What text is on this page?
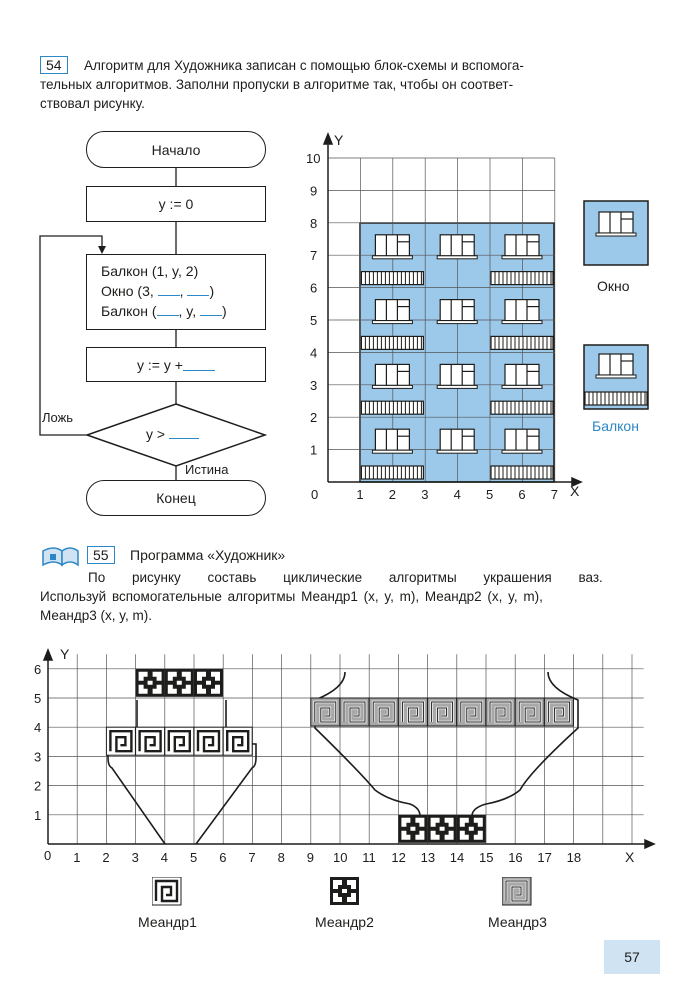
54	Алгоритм для Художника записан с помощью блок-схемы и вспомога-
тельных алгоритмов. Заполни пропуски в алгоритме так, чтобы он соответ-
ствовал рисунку.
Начало
y := 0
Балкон (1, y, 2)
Окно (3, , )
Балкон ( , y, )
y := y +
y >
Ложь
Истина
Конец	1 2 3 4 5 6 7
1
2
3
4
5
6
7
8
9
10
Y
X
0
Окно
Балкон
55	Программа «Художник»
По рисунку составь циклические алгоритмы украшения ваз.
Используй вспомогательные алгоритмы Меандр1 (x, y, m), Меандр2 (x, y, m),
Меандр3 (x, y, m).
1 2 3 4 5 6 7 8 9 10 11 12 13 14 15 16 17 18
1
2
3
4
5
6
Y
X
0
Меандр1	Меандр2	Меандр3
57
